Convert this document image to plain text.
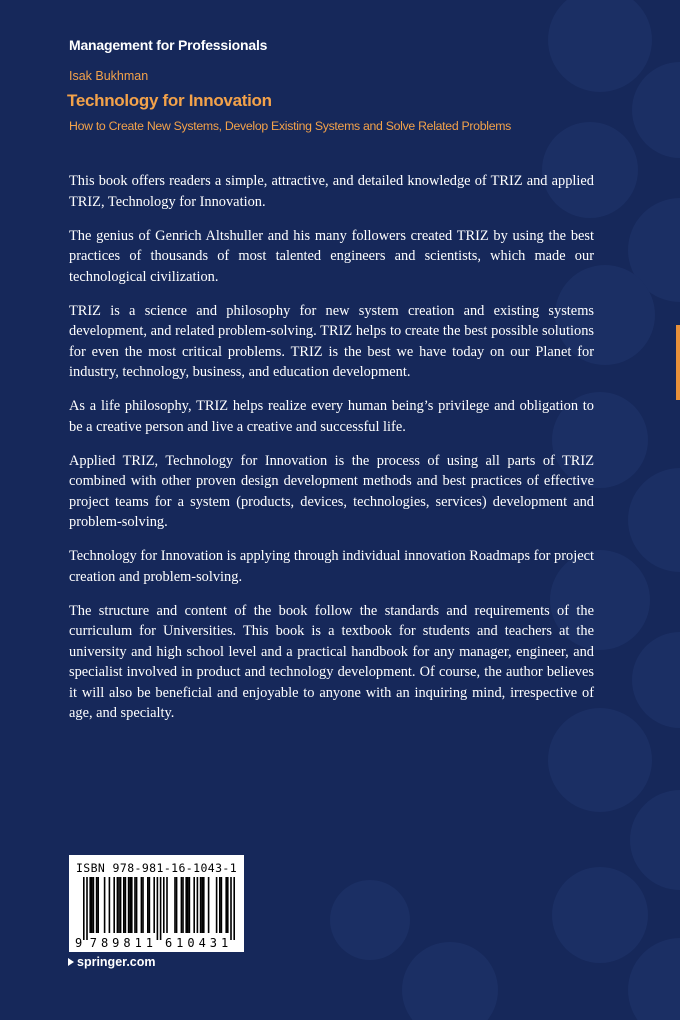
Management for Professionals
Isak Bukhman
Technology for Innovation
How to Create New Systems, Develop Existing Systems and Solve Related Problems

This book offers readers a simple, attractive, and detailed knowledge of TRIZ and applied TRIZ, Technology for Innovation.

The genius of Genrich Altshuller and his many followers created TRIZ by using the best practices of thousands of most talented engineers and scientists, which made our technological civilization.

TRIZ is a science and philosophy for new system creation and existing systems development, and related problem-solving. TRIZ helps to create the best possible solutions for even the most critical problems. TRIZ is the best we have today on our Planet for industry, technology, business, and education development.

As a life philosophy, TRIZ helps realize every human being’s privilege and obligation to be a creative person and live a creative and successful life.

Applied TRIZ, Technology for Innovation is the process of using all parts of TRIZ combined with other proven design development methods and best practices of effective project teams for a system (products, devices, technologies, services) development and problem-solving.

Technology for Innovation is applying through individual innovation Roadmaps for project creation and problem-solving.

The structure and content of the book follow the standards and requirements of the curriculum for Universities. This book is a textbook for students and teachers at the university and high school level and a practical handbook for any manager, engineer, and specialist involved in product and technology development. Of course, the author believes it will also be beneficial and enjoyable to anyone with an inquiring mind, irrespective of age, and specialty.

9 7 8 9 8 1 1 6 1 0 4 3 1
ISBN 978-981-16-1043-1
springer.com
